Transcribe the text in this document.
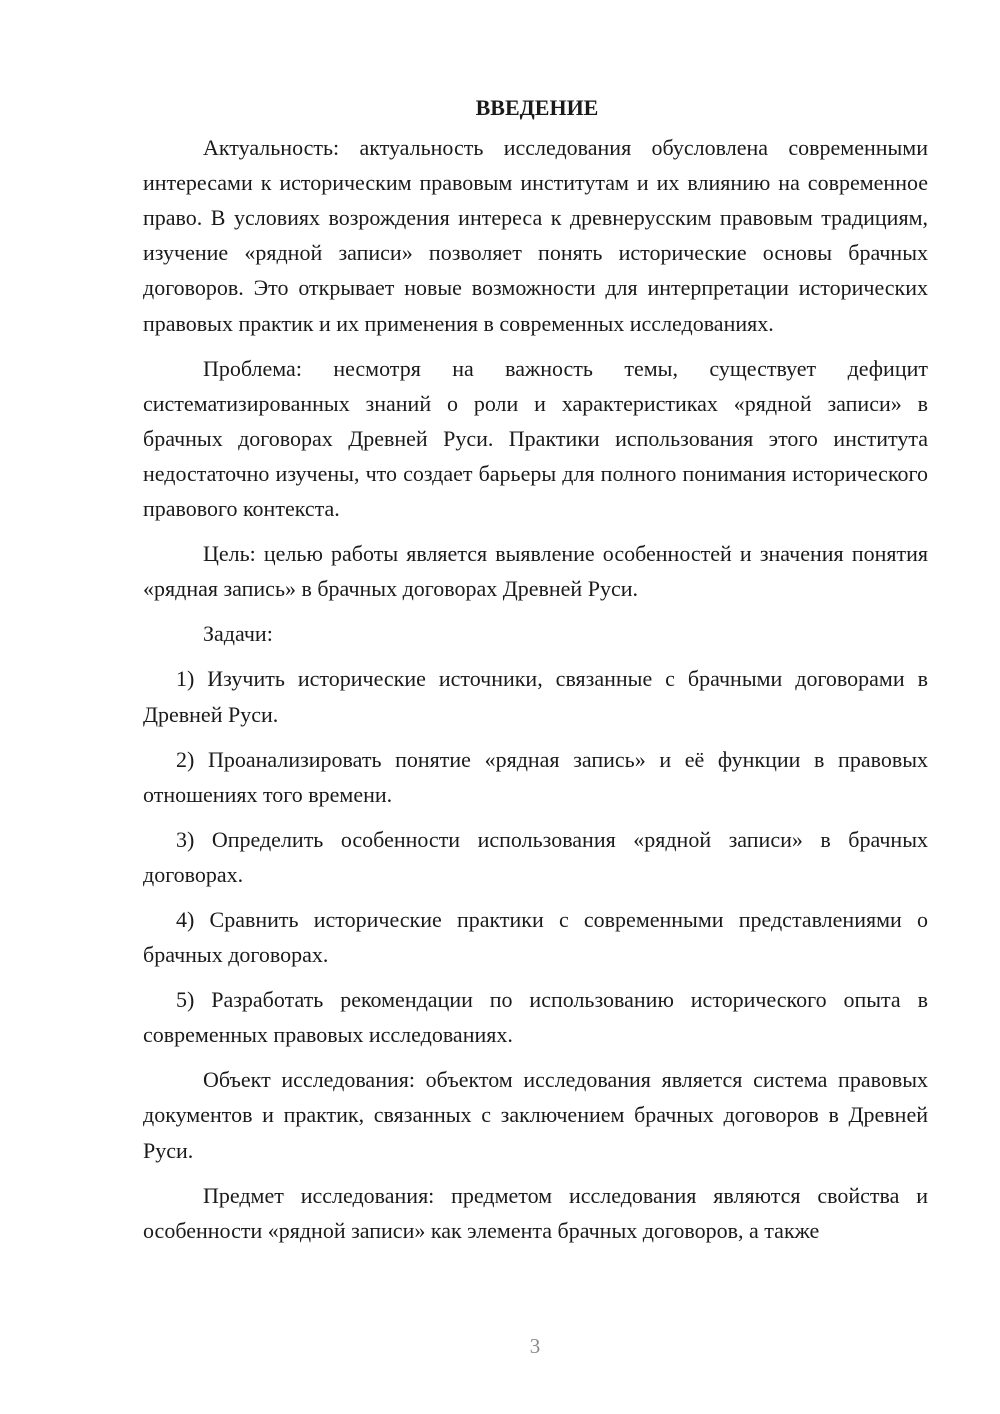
ВВЕДЕНИЕ

Актуальность: актуальность исследования обусловлена современными интересами к историческим правовым институтам и их влиянию на современное право. В условиях возрождения интереса к древнерусским правовым традициям, изучение «рядной записи» позволяет понять исторические основы брачных договоров. Это открывает новые возможности для интерпретации исторических правовых практик и их применения в современных исследованиях.

Проблема: несмотря на важность темы, существует дефицит систематизированных знаний о роли и характеристиках «рядной записи» в брачных договорах Древней Руси. Практики использования этого института недостаточно изучены, что создает барьеры для полного понимания исторического правового контекста.

Цель: целью работы является выявление особенностей и значения понятия «рядная запись» в брачных договорах Древней Руси.

Задачи:

1) Изучить исторические источники, связанные с брачными договорами в Древней Руси.

2) Проанализировать понятие «рядная запись» и её функции в правовых отношениях того времени.

3) Определить особенности использования «рядной записи» в брачных договорах.

4) Сравнить исторические практики с современными представлениями о брачных договорах.

5) Разработать рекомендации по использованию исторического опыта в современных правовых исследованиях.

Объект исследования: объектом исследования является система правовых документов и практик, связанных с заключением брачных договоров в Древней Руси.

Предмет исследования: предметом исследования являются свойства и особенности «рядной записи» как элемента брачных договоров, а также

3
